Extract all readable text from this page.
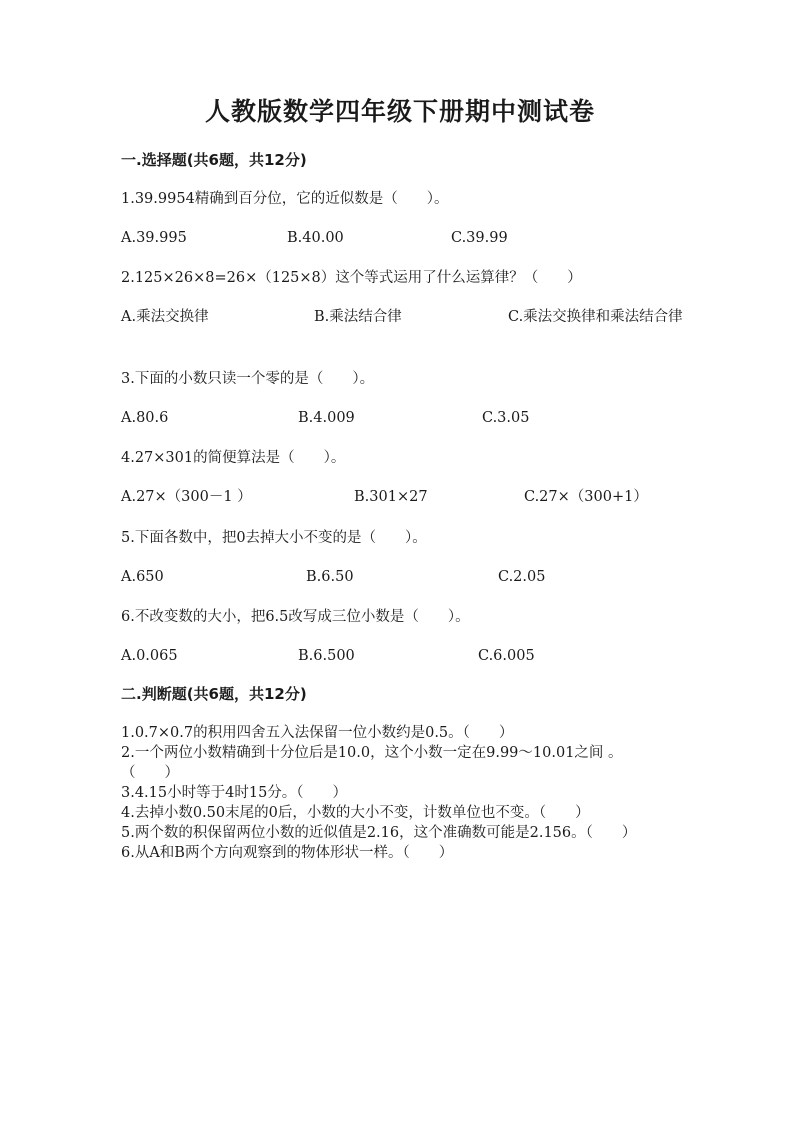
人教版数学四年级下册期中测试卷
一.选择题(共6题，共12分)
1.39.9954精确到百分位，它的近似数是（　　）。
A.39.995	B.40.00	C.39.99
2.125×26×8=26×（125×8）这个等式运用了什么运算律？（　　）
A.乘法交换律	B.乘法结合律	C.乘法交换律和乘法结合律
3.下面的小数只读一个零的是（　　）。
A.80.6	B.4.009	C.3.05
4.27×301的简便算法是（　　）。
A.27×（300－1 ）	B.301×27	C.27×（300+1）
5.下面各数中，把0去掉大小不变的是（　　）。
A.650	B.6.50	C.2.05
6.不改变数的大小，把6.5改写成三位小数是（　　）。
A.0.065	B.6.500	C.6.005
二.判断题(共6题，共12分)
1.0.7×0.7的积用四舍五入法保留一位小数约是0.5。（　　）
2.一个两位小数精确到十分位后是10.0，这个小数一定在9.99～10.01之间 。（　　）
3.4.15小时等于4时15分。（　　）
4.去掉小数0.50末尾的0后，小数的大小不变，计数单位也不变。（　　）
5.两个数的积保留两位小数的近似值是2.16，这个准确数可能是2.156。（　　）
6.从A和B两个方向观察到的物体形状一样。（　　）
